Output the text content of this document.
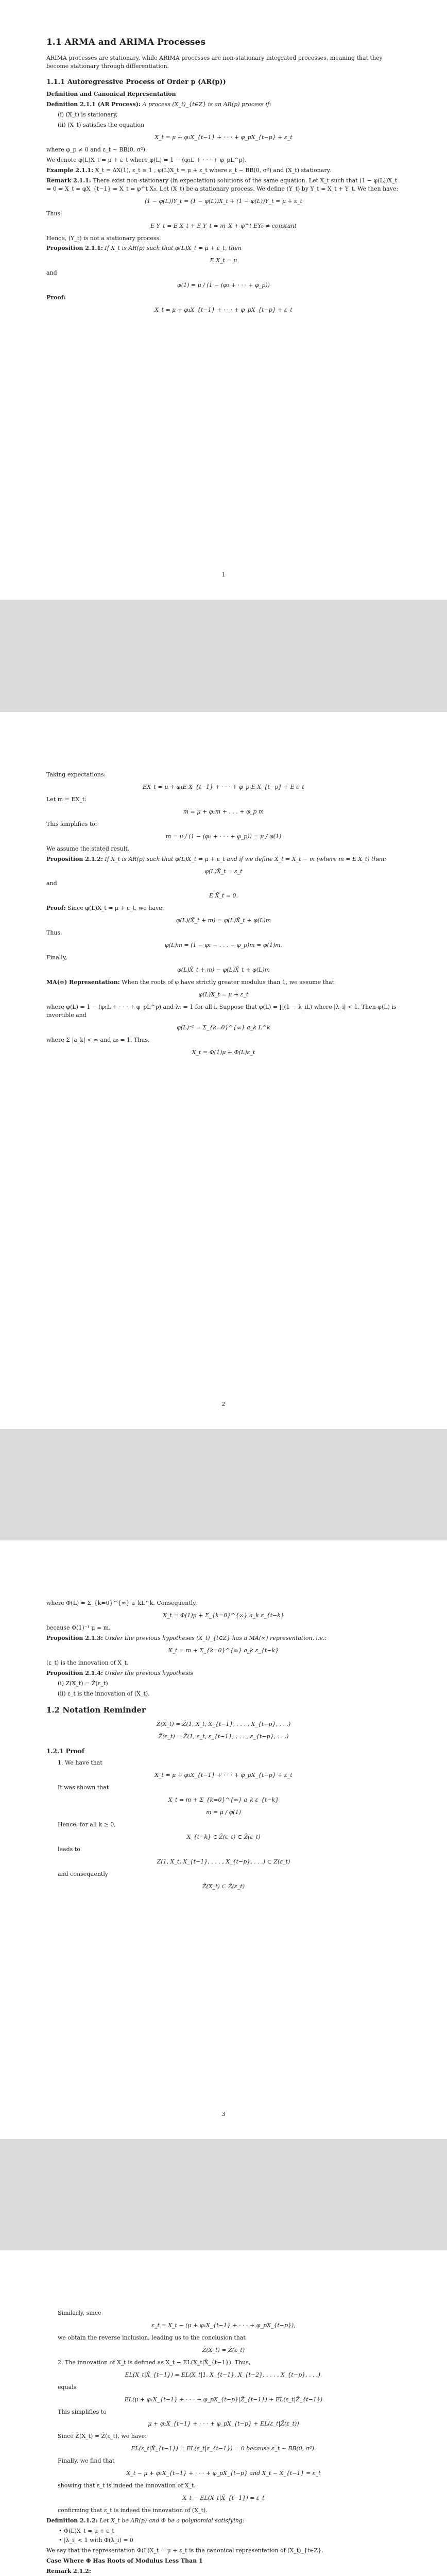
1.1 ARMA and ARIMA Processes

ARIMA processes are stationary, while ARIMA processes are non-stationary integrated processes, meaning that they become stationary through differentiation.

1.1.1 Autoregressive Process of Order p (AR(p))

Definition and Canonical Representation

Definition 2.1.1 (AR Process): A process (X_t)_{t∈Z} is an AR(p) process if:

(i) (X_t) is stationary,

(ii) (X_t) satisfies the equation

X_t = μ + φ₁X_{t−1} + · · · + φ_pX_{t−p} + ε_t

where φ_p ≠ 0 and ε_t ∼ BB(0, σ²).

We denote φ(L)X_t = μ + ε_t where φ(L) = 1 − (φ₁L + · · · + φ_pL^p).

Example 2.1.1: X_t = ΔX(1), ε_t ≥ 1 , φ(L)X_t = μ + ε_t where ε_t ∼ BB(0, σ²) and (X_t) stationary.

Remark 2.1.1: There exist non-stationary (in expectation) solutions of the same equation. Let X_t such that (1 − φ(L))X_t = 0 ⇒ X_t = φX_{t−1} ⇒ X_t = φ^t X₀. Let (X_t) be a stationary process. We define (Y_t) by Y_t = X_t + Y_t. We then have:

(1 − φ(L))Y_t = (1 − φ(L))X_t + (1 − φ(L))Y_t = μ + ε_t

Thus:

E Y_t = E X_t + E Y_t = m_X + φ^t EY₀ ≠ constant

Hence, (Y_t) is not a stationary process.

Proposition 2.1.1: If X_t is AR(p) such that φ(L)X_t = μ + ε_t, then

E X_t = μ

and

φ(1) = μ / (1 − (φ₁ + · · · + φ_p))

Proof:

X_t = μ + φ₁X_{t−1} + · · · + φ_pX_{t−p} + ε_t
1

Taking expectations:

EX_t = μ + φ₁E X_{t−1} + · · · + φ_p E X_{t−p} + E ε_t

Let m = EX_t:

m = μ + φ₁m + . . . + φ_p m

This simplifies to:

m = μ / (1 − (φ₁ + · · · + φ_p)) = μ / φ(1)

We assume the stated result.

Proposition 2.1.2: If X_t is AR(p) such that φ(L)X_t = μ + ε_t and if we define X̃_t = X_t − m (where m = E X_t) then:

φ(L)X̃_t = ε_t

and

E X̃_t = 0.

Proof: Since φ(L)X_t = μ + ε_t, we have:

φ(L)(X̃_t + m) = φ(L)X̃_t + φ(L)m

Thus,

φ(L)m = (1 − φ₁ − . . . − φ_p)m = φ(1)m.

Finally,

φ(L)X̃_t + m) − φ(L)X̃_t + φ(L)m

MA(∞) Representation: When the roots of φ have strictly greater modulus than 1, we assume that

φ(L)X_t = μ + ε_t

where φ(L) = 1 − (φ₁L + · · · + φ_pL^p) and λ₁ = 1 for all i. Suppose that φ(L) = ∏(1 − λ_iL) where |λ_i| < 1. Then φ(L) is invertible and

φ(L)⁻¹ = Σ_{k=0}^{∞} a_k L^k

where Σ |a_k| < ∞ and a₀ = 1. Thus,

X_t = Φ(1)μ + Φ(L)ε_t
2

where Φ(L) = Σ_{k=0}^{∞} a_kL^k. Consequently,

X_t = Φ(1)μ + Σ_{k=0}^{∞} a_k ε_{t−k}

because Φ(1)⁻¹ μ = m.

Proposition 2.1.3: Under the previous hypotheses (X_t)_{t∈Z} has a MA(∞) representation, i.e.:

X_t = m + Σ_{k=0}^{∞} a_k ε_{t−k}

(ε_t) is the innovation of X_t.

Proposition 2.1.4: Under the previous hypothesis

(i) Z(X_t) = Z̄(ε_t)

(ii) ε_t is the innovation of (X_t).

1.2 Notation Reminder
Z̄(X_t) = Z̄(1, X_t, X_{t−1}, . . . , X_{t−p}, . . .)
Z̄(ε_t) = Z̄(1, ε_t, ε_{t−1}, . . . , ε_{t−p}, . . .)
1.2.1 Proof

1. We have that

X_t = μ + φ₁X_{t−1} + · · · + φ_pX_{t−p} + ε_t

It was shown that

X_t = m + Σ_{k=0}^{∞} a_k ε_{t−k}
m = μ / φ(1)

Hence, for all k ≥ 0,

X_{t−k} ∈ Z̄(ε_t) ⊂ Z̄(ε_t)

leads to

Z(1, X_t, X_{t−1}, . . . , X_{t−p}, . . .) ⊂ Z(ε_t)

and consequently

Z̄(X_t) ⊂ Z̄(ε_t)
3

Similarly, since

ε_t = X_t − (μ + φ₁X_{t−1} + · · · + φ_pX_{t−p}),

we obtain the reverse inclusion, leading us to the conclusion that

Z̄(X_t) = Z̄(ε_t)

2. The innovation of X_t is defined as X_t − EL(X_t|X̄_{t−1}). Thus,

EL(X_t|X̄_{t−1}) = EL(X_t|1, X_{t−1}, X_{t−2}, . . . , X_{t−p}, . . .).

equals

EL(μ + φ₁X_{t−1} + · · · + φ_pX_{t−p}|Z̄_{t−1}) + EL(ε_t|Z̄_{t−1})

This simplifies to

μ + φ₁X_{t−1} + · · · + φ_pX_{t−p} + EL(ε_t|Z̄(ε_t))

Since Z̄(X_t) = Z̄(ε_t), we have:

EL(ε_t|X̄_{t−1}) = EL(ε_t|ε_{t−1}) = 0 because ε_t ∼ BB(0, σ²).

Finally, we find that

X_t − μ + φ₁X_{t−1} + · · · + φ_pX_{t−p} and X_t − X_{t−1} = ε_t

showing that ε_t is indeed the innovation of X_t.

X_t − EL(X_t|X̄_{t−1}) = ε_t

confirming that ε_t is indeed the innovation of (X_t).

Definition 2.1.2: Let X_t be AR(p) and Φ be a polynomial satisfying:

• Φ(L)X_t = μ + ε_t

• |λ_i| < 1 with Φ(λ_i) = 0

We say that the representation Φ(L)X_t = μ + ε_t is the canonical representation of (X_t)_{t∈Z}.

Case Where Φ Has Roots of Modulus Less Than 1

Remark 2.1.2:
